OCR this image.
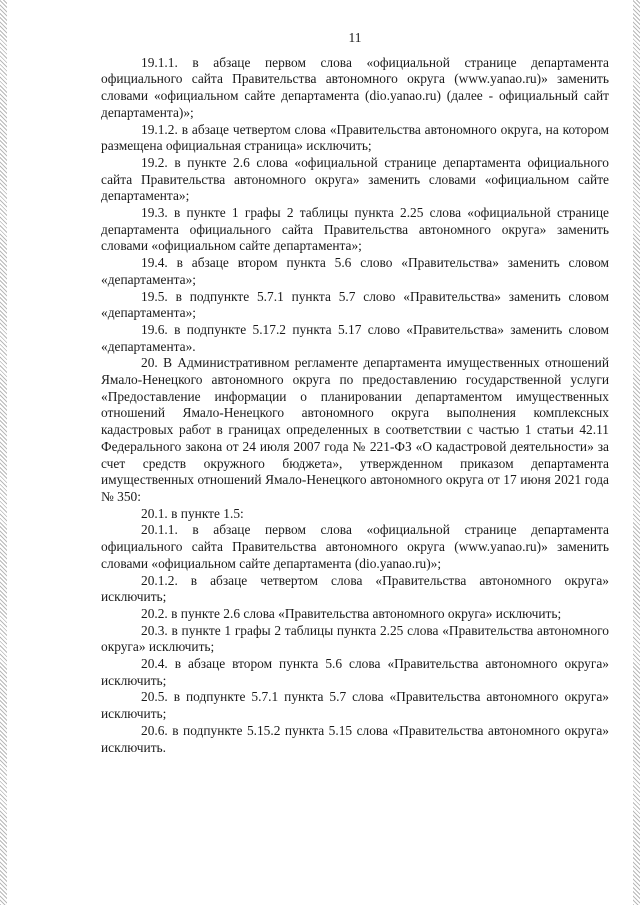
11

19.1.1. в абзаце первом слова «официальной странице департамента официального сайта Правительства автономного округа (www.yanao.ru)» заменить словами «официальном сайте департамента (dio.yanao.ru) (далее - официальный сайт департамента)»;

19.1.2. в абзаце четвертом слова «Правительства автономного округа, на котором размещена официальная страница» исключить;

19.2. в пункте 2.6 слова «официальной странице департамента официального сайта Правительства автономного округа» заменить словами «официальном сайте департамента»;

19.3. в пункте 1 графы 2 таблицы пункта 2.25 слова «официальной странице департамента официального сайта Правительства автономного округа» заменить словами «официальном сайте департамента»;

19.4. в абзаце втором пункта 5.6 слово «Правительства» заменить словом «департамента»;

19.5. в подпункте 5.7.1 пункта 5.7 слово «Правительства» заменить словом «департамента»;

19.6. в подпункте 5.17.2 пункта 5.17 слово «Правительства» заменить словом «департамента».

20. В Административном регламенте департамента имущественных отношений Ямало-Ненецкого автономного округа по предоставлению государственной услуги «Предоставление информации о планировании департаментом имущественных отношений Ямало-Ненецкого автономного округа выполнения комплексных кадастровых работ в границах определенных в соответствии с частью 1 статьи 42.11 Федерального закона от 24 июля 2007 года № 221-ФЗ «О кадастровой деятельности» за счет средств окружного бюджета», утвержденном приказом департамента имущественных отношений Ямало-Ненецкого автономного округа от 17 июня 2021 года № 350:

20.1. в пункте 1.5:

20.1.1. в абзаце первом слова «официальной странице департамента официального сайта Правительства автономного округа (www.yanao.ru)» заменить словами «официальном сайте департамента (dio.yanao.ru)»;

20.1.2. в абзаце четвертом слова «Правительства автономного округа» исключить;

20.2. в пункте 2.6 слова «Правительства автономного округа» исключить;

20.3. в пункте 1 графы 2 таблицы пункта 2.25 слова «Правительства автономного округа» исключить;

20.4. в абзаце втором пункта 5.6 слова «Правительства автономного округа» исключить;

20.5. в подпункте 5.7.1 пункта 5.7 слова «Правительства автономного округа» исключить;

20.6. в подпункте 5.15.2 пункта 5.15 слова «Правительства автономного округа» исключить.
